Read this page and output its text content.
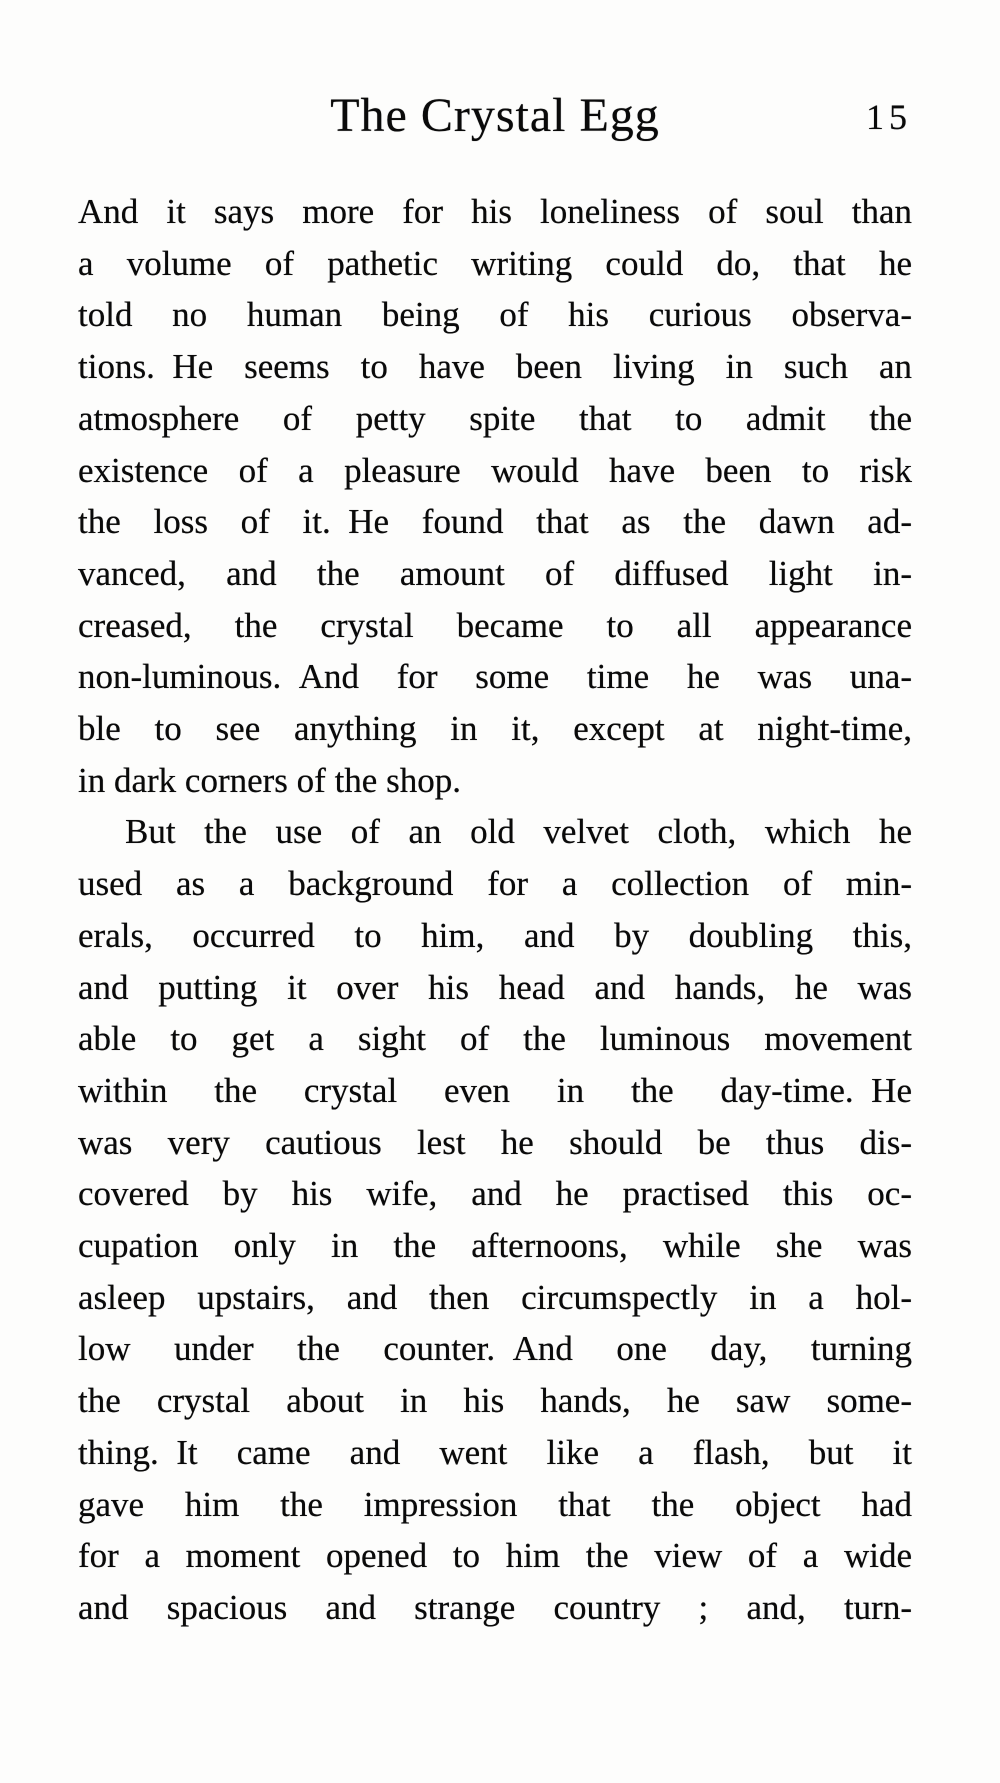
The Crystal Egg	15
And it says more for his loneliness of soul than
a volume of pathetic writing could do, that he
told no human being of his curious observa-
tions. He seems to have been living in such an
atmosphere of petty spite that to admit the
existence of a pleasure would have been to risk
the loss of it. He found that as the dawn ad-
vanced, and the amount of diffused light in-
creased, the crystal became to all appearance
non-luminous. And for some time he was una-
ble to see anything in it, except at night-time,
in dark corners of the shop.
But the use of an old velvet cloth, which he
used as a background for a collection of min-
erals, occurred to him, and by doubling this,
and putting it over his head and hands, he was
able to get a sight of the luminous movement
within the crystal even in the day-time. He
was very cautious lest he should be thus dis-
covered by his wife, and he practised this oc-
cupation only in the afternoons, while she was
asleep upstairs, and then circumspectly in a hol-
low under the counter. And one day, turning
the crystal about in his hands, he saw some-
thing. It came and went like a flash, but it
gave him the impression that the object had
for a moment opened to him the view of a wide
and spacious and strange country ; and, turn-
